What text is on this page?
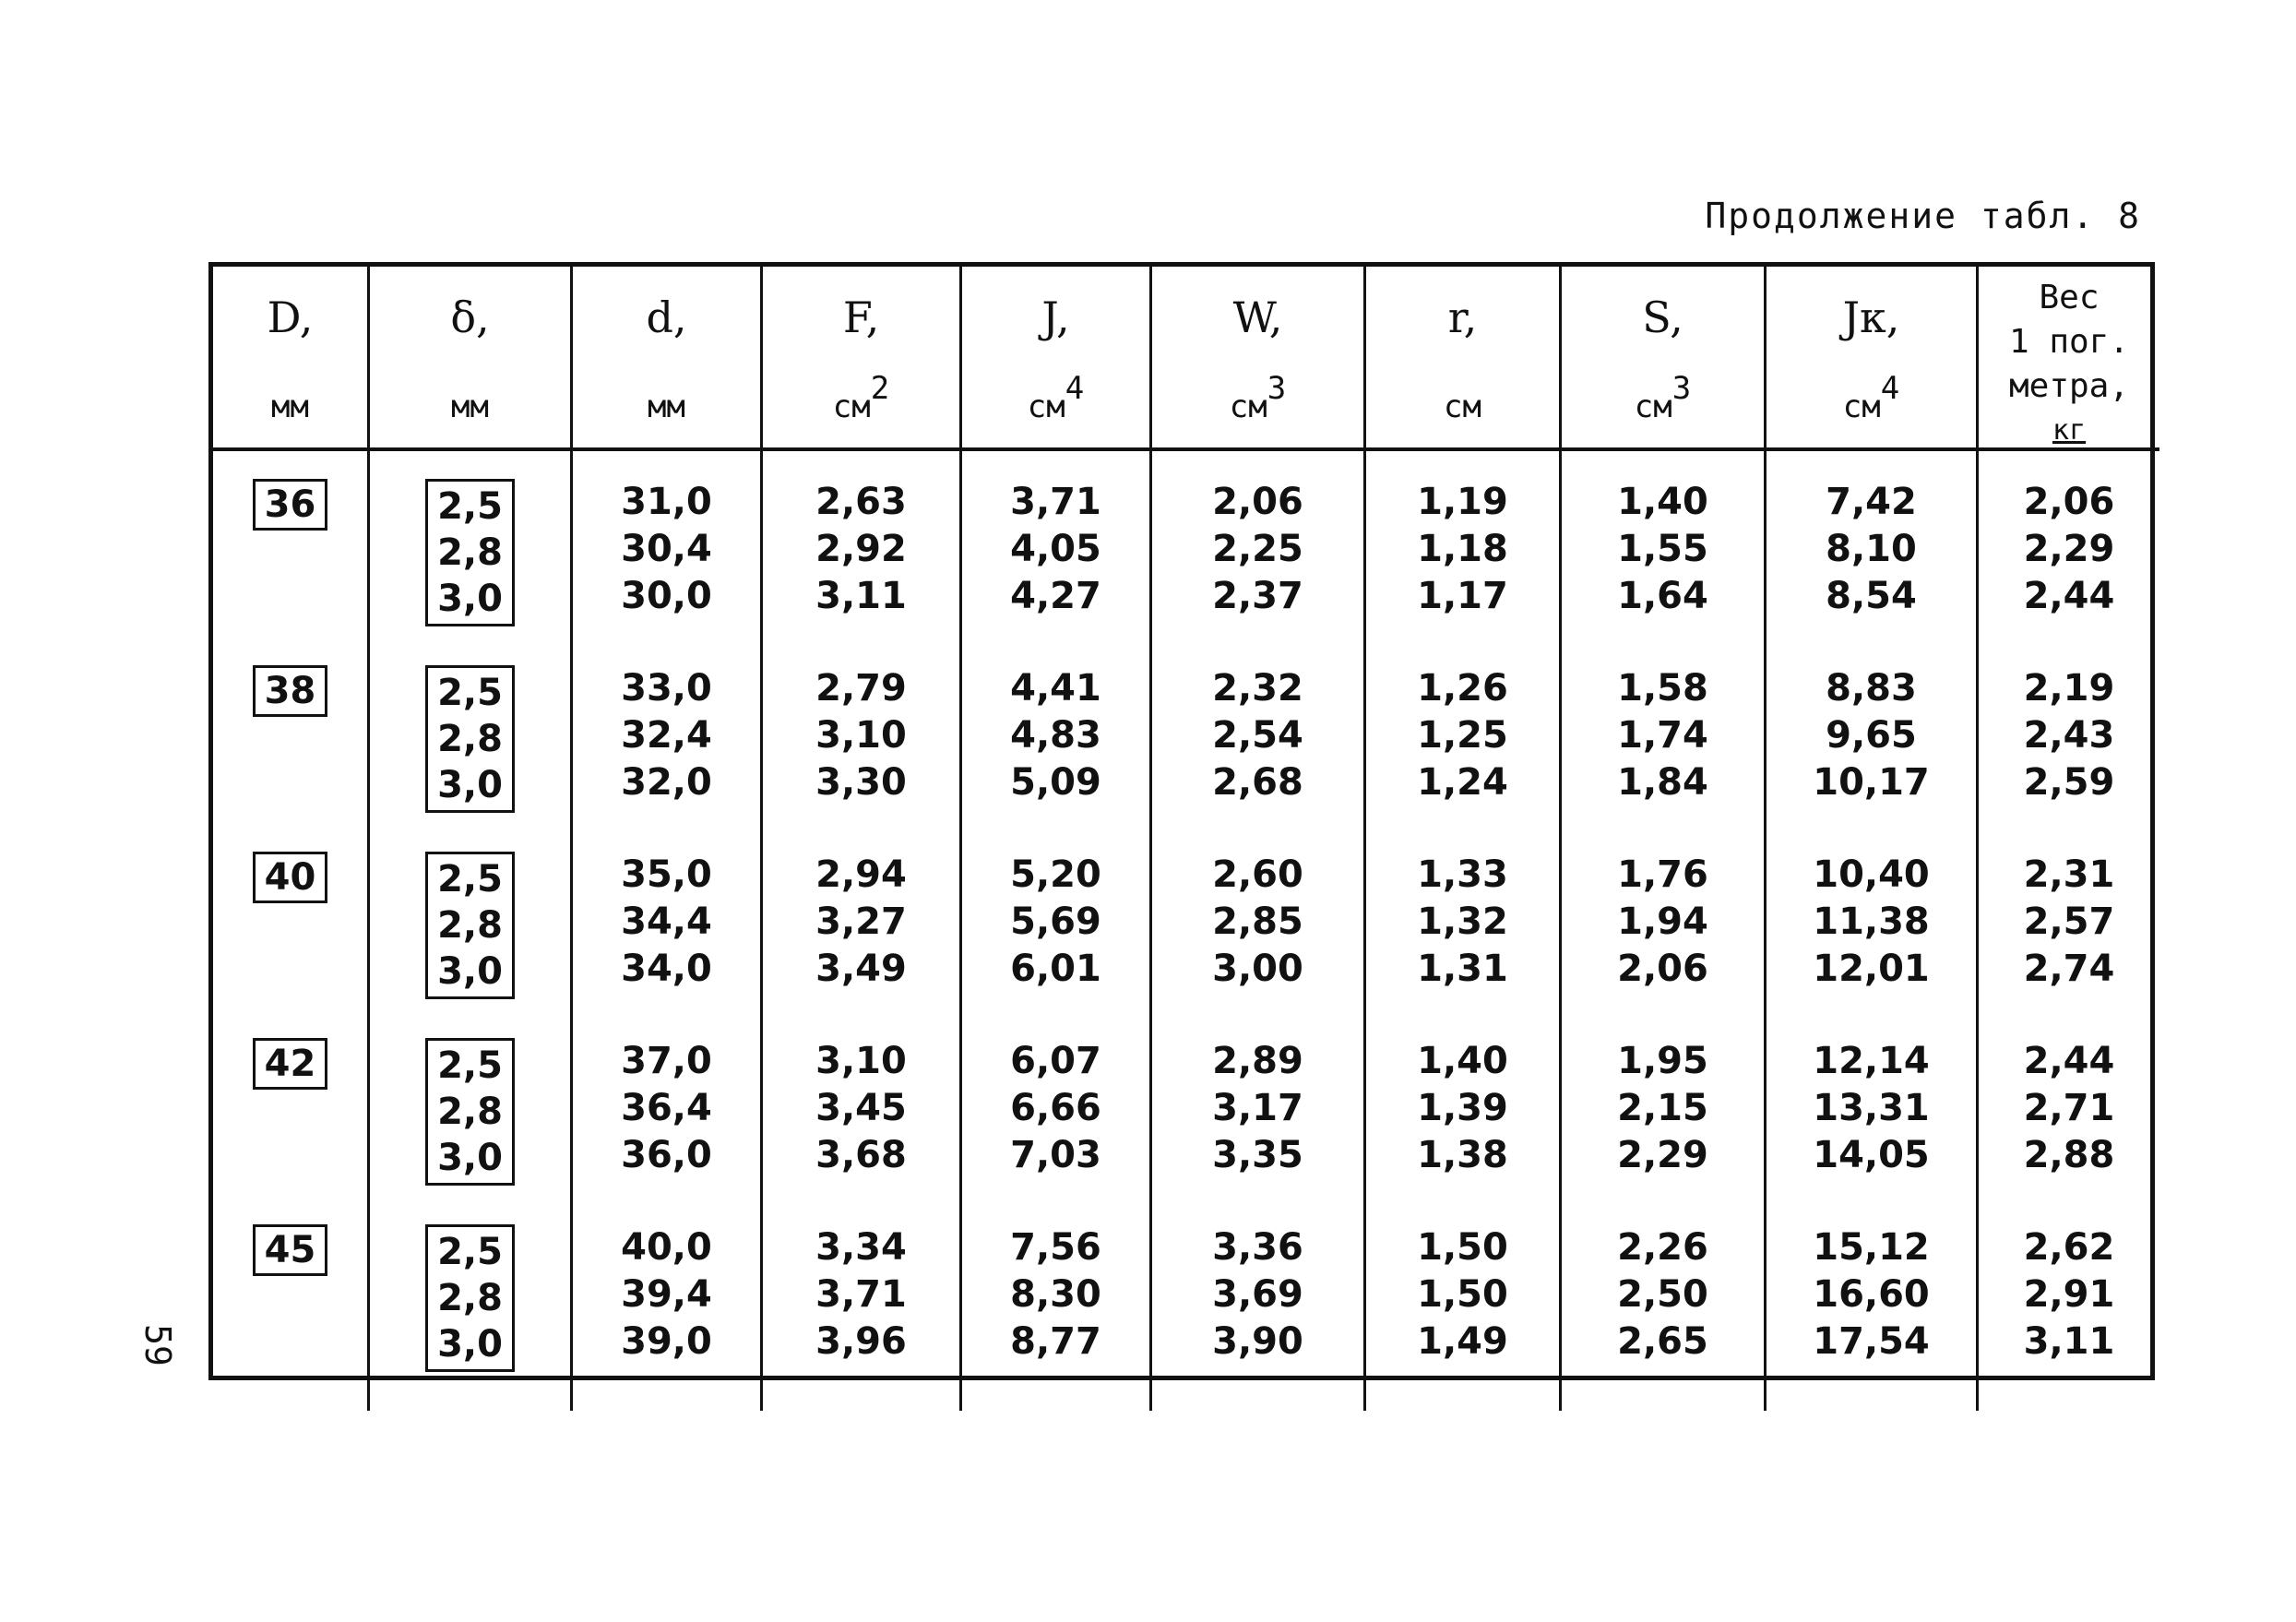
Продолжение табл. 8
59
D,
мм
δ,
мм
d,
мм
F,
$см^2$
J,
$см^4$
W,
$см^3$
r,
см
S,
$см^3$
Jк,
$см^4$
Вес
1 пог.
метра,
кг
36
38
40
42
45
2,5
2,8
3,0
2,5
2,8
3,0
2,5
2,8
3,0
2,5
2,8
3,0
2,5
2,8
3,0
31,0
30,4
30,0
33,0
32,4
32,0
35,0
34,4
34,0
37,0
36,4
36,0
40,0
39,4
39,0
2,63
2,92
3,11
2,79
3,10
3,30
2,94
3,27
3,49
3,10
3,45
3,68
3,34
3,71
3,96
3,71
4,05
4,27
4,41
4,83
5,09
5,20
5,69
6,01
6,07
6,66
7,03
7,56
8,30
8,77
2,06
2,25
2,37
2,32
2,54
2,68
2,60
2,85
3,00
2,89
3,17
3,35
3,36
3,69
3,90
1,19
1,18
1,17
1,26
1,25
1,24
1,33
1,32
1,31
1,40
1,39
1,38
1,50
1,50
1,49
1,40
1,55
1,64
1,58
1,74
1,84
1,76
1,94
2,06
1,95
2,15
2,29
2,26
2,50
2,65
7,42
8,10
8,54
8,83
9,65
10,17
10,40
11,38
12,01
12,14
13,31
14,05
15,12
16,60
17,54
2,06
2,29
2,44
2,19
2,43
2,59
2,31
2,57
2,74
2,44
2,71
2,88
2,62
2,91
3,11
